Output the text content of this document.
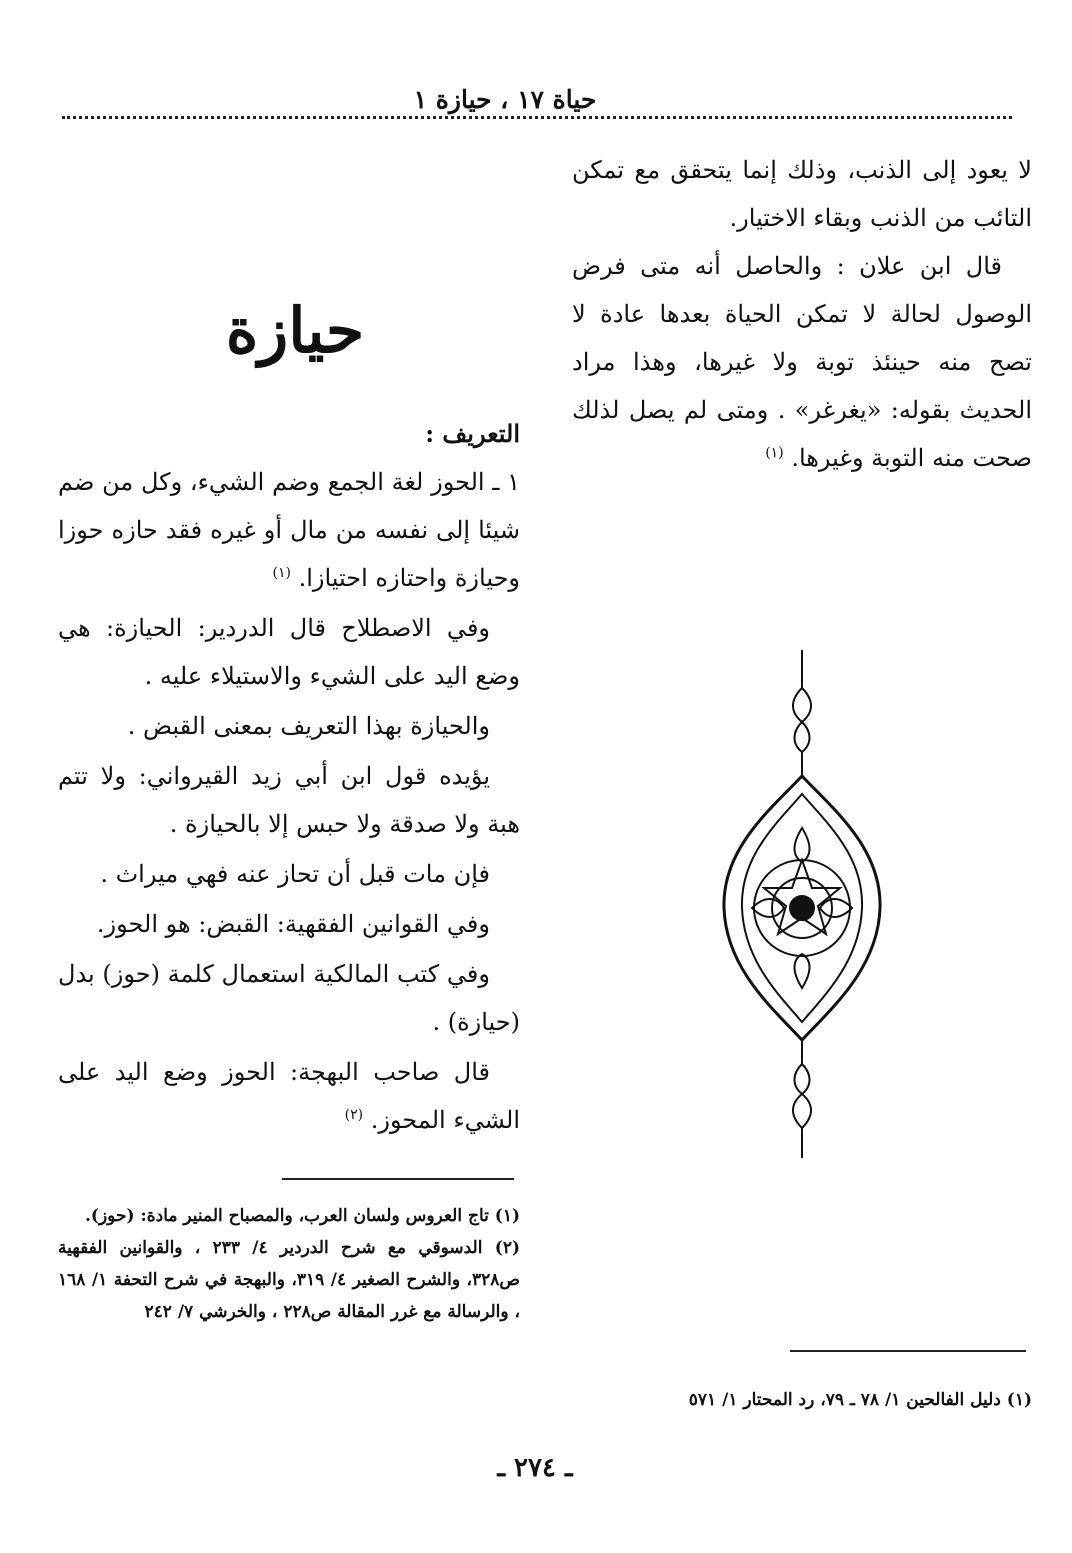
حياة ١٧ ، حيازة ١

لا يعود إلى الذنب، وذلك إنما يتحقق مع تمكن التائب من الذنب وبقاء الاختيار.

قال ابن علان : والحاصل أنه متى فرض الوصول لحالة لا تمكن الحياة بعدها عادة لا تصح منه حينئذ توبة ولا غيرها، وهذا مراد الحديث بقوله: «يغرغر» . ومتى لم يصل لذلك صحت منه التوبة وغيرها. $^{(١)}$

حيازة

التعريف :

١ ـ الحوز لغة الجمع وضم الشيء، وكل من ضم شيئا إلى نفسه من مال أو غيره فقد حازه حوزا وحيازة واحتازه احتيازا. $^{(١)}$

وفي الاصطلاح قال الدردير: الحيازة: هي وضع اليد على الشيء والاستيلاء عليه .

والحيازة بهذا التعريف بمعنى القبض .

يؤيده قول ابن أبي زيد القيرواني: ولا تتم هبة ولا صدقة ولا حبس إلا بالحيازة .

فإن مات قبل أن تحاز عنه فهي ميراث .

وفي القوانين الفقهية: القبض: هو الحوز.

وفي كتب المالكية استعمال كلمة (حوز) بدل (حيازة) .

قال صاحب البهجة: الحوز وضع اليد على الشيء المحوز. $^{(٢)}$

(١) تاج العروس ولسان العرب، والمصباح المنير مادة: (حوز).

(٢) الدسوقي مع شرح الدردير ٤/ ٢٣٣ ، والقوانين الفقهية ص٣٢٨، والشرح الصغير ٤/ ٣١٩، والبهجة في شرح التحفة ١/ ١٦٨ ، والرسالة مع غرر المقالة ص٢٢٨ ، والخرشي ٧/ ٢٤٢

(١) دليل الفالحين ١/ ٧٨ ـ ٧٩، رد المحتار ١/ ٥٧١

ـ ٢٧٤ ـ
